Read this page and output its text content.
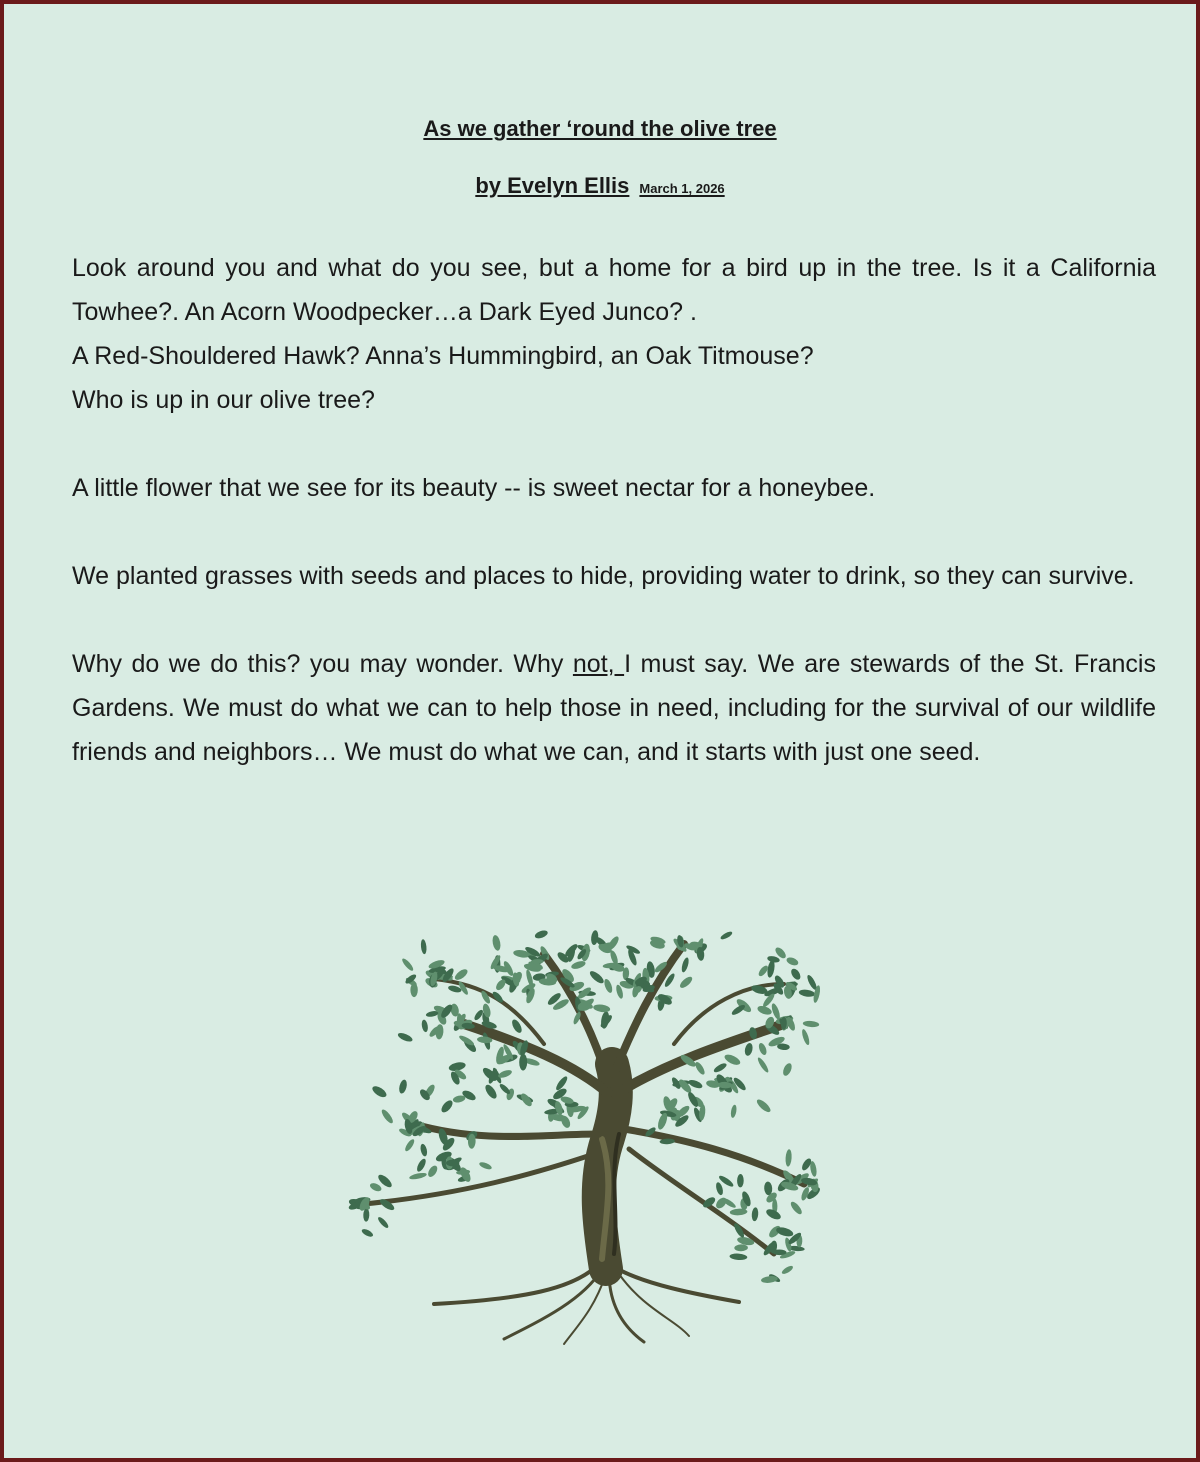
As we gather ‘round the olive tree
by Evelyn Ellis March 1, 2026

Look around you and what do you see, but a home for a bird up in the tree. Is it a California Towhee?. An Acorn Woodpecker…a Dark Eyed Junco? .
A Red-Shouldered Hawk? Anna’s Hummingbird, an Oak Titmouse?
Who is up in our olive tree?

A little flower that we see for its beauty -- is sweet nectar for a honeybee.

We planted grasses with seeds and places to hide, providing water to drink, so they can survive.

Why do we do this? you may wonder. Why not, I must say. We are stewards of the St. Francis Gardens. We must do what we can to help those in need, including for the survival of our wildlife friends and neighbors… We must do what we can, and it starts with just one seed.
